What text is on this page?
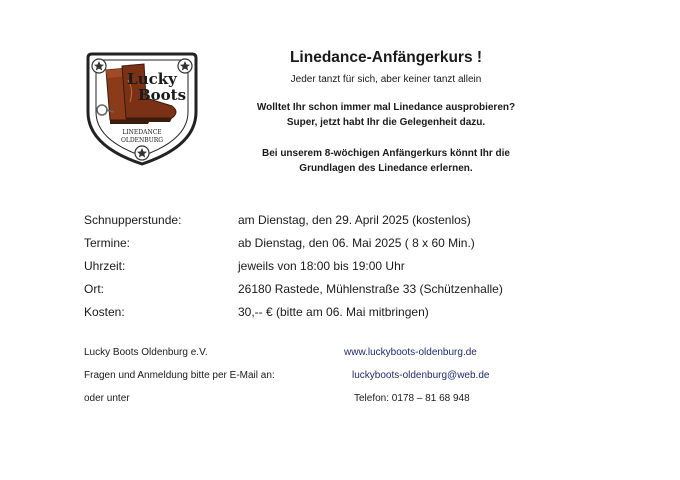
Lucky
Boots
LINEDANCE
OLDENBURG
Linedance-Anfängerkurs !
Jeder tanzt für sich, aber keiner tanzt allein
Wolltet Ihr schon immer mal Linedance ausprobieren?
Super, jetzt habt Ihr die Gelegenheit dazu.
Bei unserem 8-wöchigen Anfängerkurs könnt Ihr die
Grundlagen des Linedance erlernen.
Schnupperstunde:	am Dienstag, den 29. April 2025 (kostenlos)
Termine:	ab Dienstag, den 06. Mai 2025 ( 8 x 60 Min.)
Uhrzeit:	jeweils von 18:00 bis 19:00 Uhr
Ort:	26180 Rastede, Mühlenstraße 33 (Schützenhalle)
Kosten:	30,-- € (bitte am 06. Mai mitbringen)
Lucky Boots Oldenburg e.V.	www.luckyboots-oldenburg.de
Fragen und Anmeldung bitte per E-Mail an:	luckyboots-oldenburg@web.de
oder unter	Telefon: 0178 – 81 68 948
